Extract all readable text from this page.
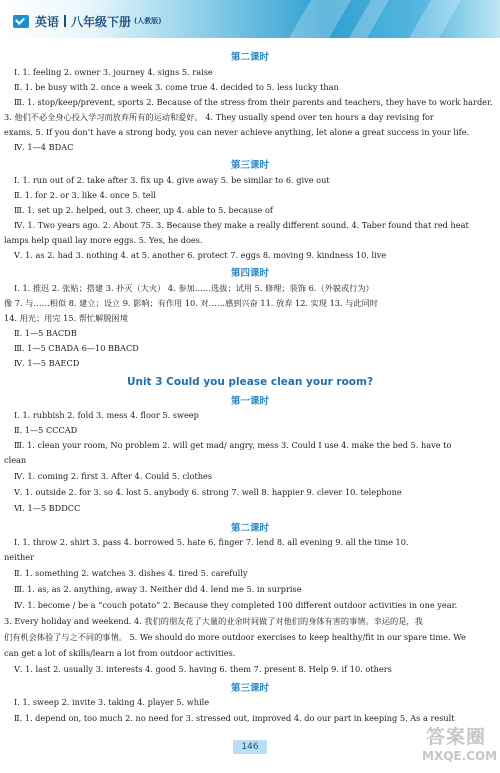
英语 八年级下册 (人教版)
第二课时
Ⅰ. 1. feeling 2. owner 3. journey 4. signs 5. raise
Ⅱ. 1. be busy with 2. once a week 3. come true 4. decided to 5. less lucky than
Ⅲ. 1. stop/keep/prevent, sports 2. Because of the stress from their parents and teachers, they have to work harder.
3. 他们不必全身心投入学习而放弃所有的运动和爱好。 4. They usually spend over ten hours a day revising for
exams. 5. If you don’t have a strong body, you can never achieve anything, let alone a great success in your life.
Ⅳ. 1—4 BDAC
第三课时
Ⅰ. 1. run out of 2. take after 3. fix up 4. give away 5. be similar to 6. give out
Ⅱ. 1. for 2. or 3. like 4. once 5. tell
Ⅲ. 1. set up 2. helped, out 3. cheer, up 4. able to 5. because of
Ⅳ. 1. Two years ago. 2. About 75. 3. Because they make a really different sound. 4. Taber found that red heat
lamps help quail lay more eggs. 5. Yes, he does.
Ⅴ. 1. as 2. had 3. nothing 4. at 5. another 6. protect 7. eggs 8. moving 9. kindness 10. live
第四课时
Ⅰ. 1. 推迟 2. 张贴；搭建 3. 扑灭（大火） 4. 参加……选拔；试用 5. 修理；装饰 6.（外貌或行为）
像 7. 与……相似 8. 建立；设立 9. 影响；有作用 10. 对……感到兴奋 11. 放弃 12. 实现 13. 与此同时
14. 用光；用完 15. 帮忙解脱困境
Ⅱ. 1—5 BACDB
Ⅲ. 1—5 CBADA 6—10 BBACD
Ⅳ. 1—5 BAECD
Unit 3 Could you please clean your room?
第一课时
Ⅰ. 1. rubbish 2. fold 3. mess 4. floor 5. sweep
Ⅱ. 1—5 CCCAD
Ⅲ. 1. clean your room, No problem 2. will get mad/ angry, mess 3. Could I use 4. make the bed 5. have to
clean
Ⅳ. 1. coming 2. first 3. After 4. Could 5. clothes
Ⅴ. 1. outside 2. for 3. so 4. lost 5. anybody 6. strong 7. well 8. happier 9. clever 10. telephone
Ⅵ. 1—5 BDDCC
第二课时
Ⅰ. 1. throw 2. shirt 3. pass 4. borrowed 5. hate 6. finger 7. lend 8. all evening 9. all the time 10.
neither
Ⅱ. 1. something 2. watches 3. dishes 4. tired 5. carefully
Ⅲ. 1. as, as 2. anything, away 3. Neither did 4. lend me 5. in surprise
Ⅳ. 1. become / be a “couch potato” 2. Because they completed 100 different outdoor activities in one year.
3. Every holiday and weekend. 4. 我们的朋友花了大量的业余时间做了对他们的身体有害的事情。幸运的是，我
们有机会体验了与之不同的事情。 5. We should do more outdoor exercises to keep healthy/fit in our spare time. We
can get a lot of skills/learn a lot from outdoor activities.
Ⅴ. 1. last 2. usually 3. interests 4. good 5. having 6. them 7. present 8. Help 9. if 10. others
第三课时
Ⅰ. 1. sweep 2. invite 3. taking 4. player 5. while
Ⅱ. 1. depend on, too much 2. no need for 3. stressed out, improved 4. do our part in keeping 5. As a result
146	答案圈
MXQE.COM
